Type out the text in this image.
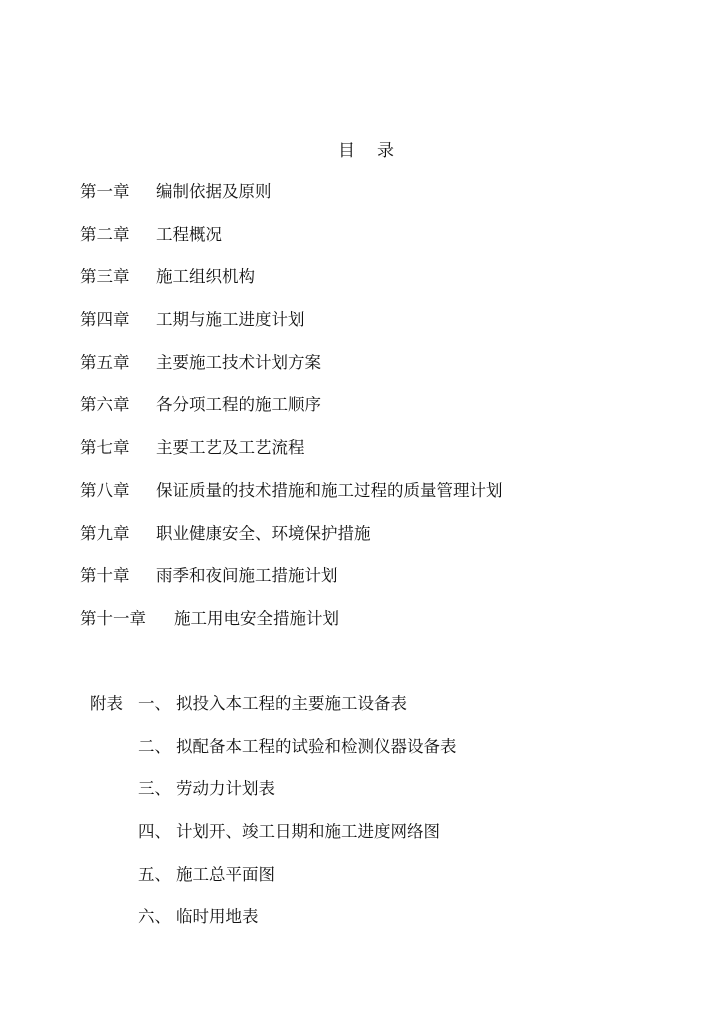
目 录
第一章	编制依据及原则
第二章	工程概况
第三章	施工组织机构
第四章	工期与施工进度计划
第五章	主要施工技术计划方案
第六章	各分项工程的施工顺序
第七章	主要工艺及工艺流程
第八章	保证质量的技术措施和施工过程的质量管理计划
第九章	职业健康安全、环境保护措施
第十章	雨季和夜间施工措施计划
第十一章	施工用电安全措施计划
附表 一、 拟投入本工程的主要施工设备表
二、 拟配备本工程的试验和检测仪器设备表
三、 劳动力计划表
四、 计划开、竣工日期和施工进度网络图
五、 施工总平面图
六、 临时用地表
